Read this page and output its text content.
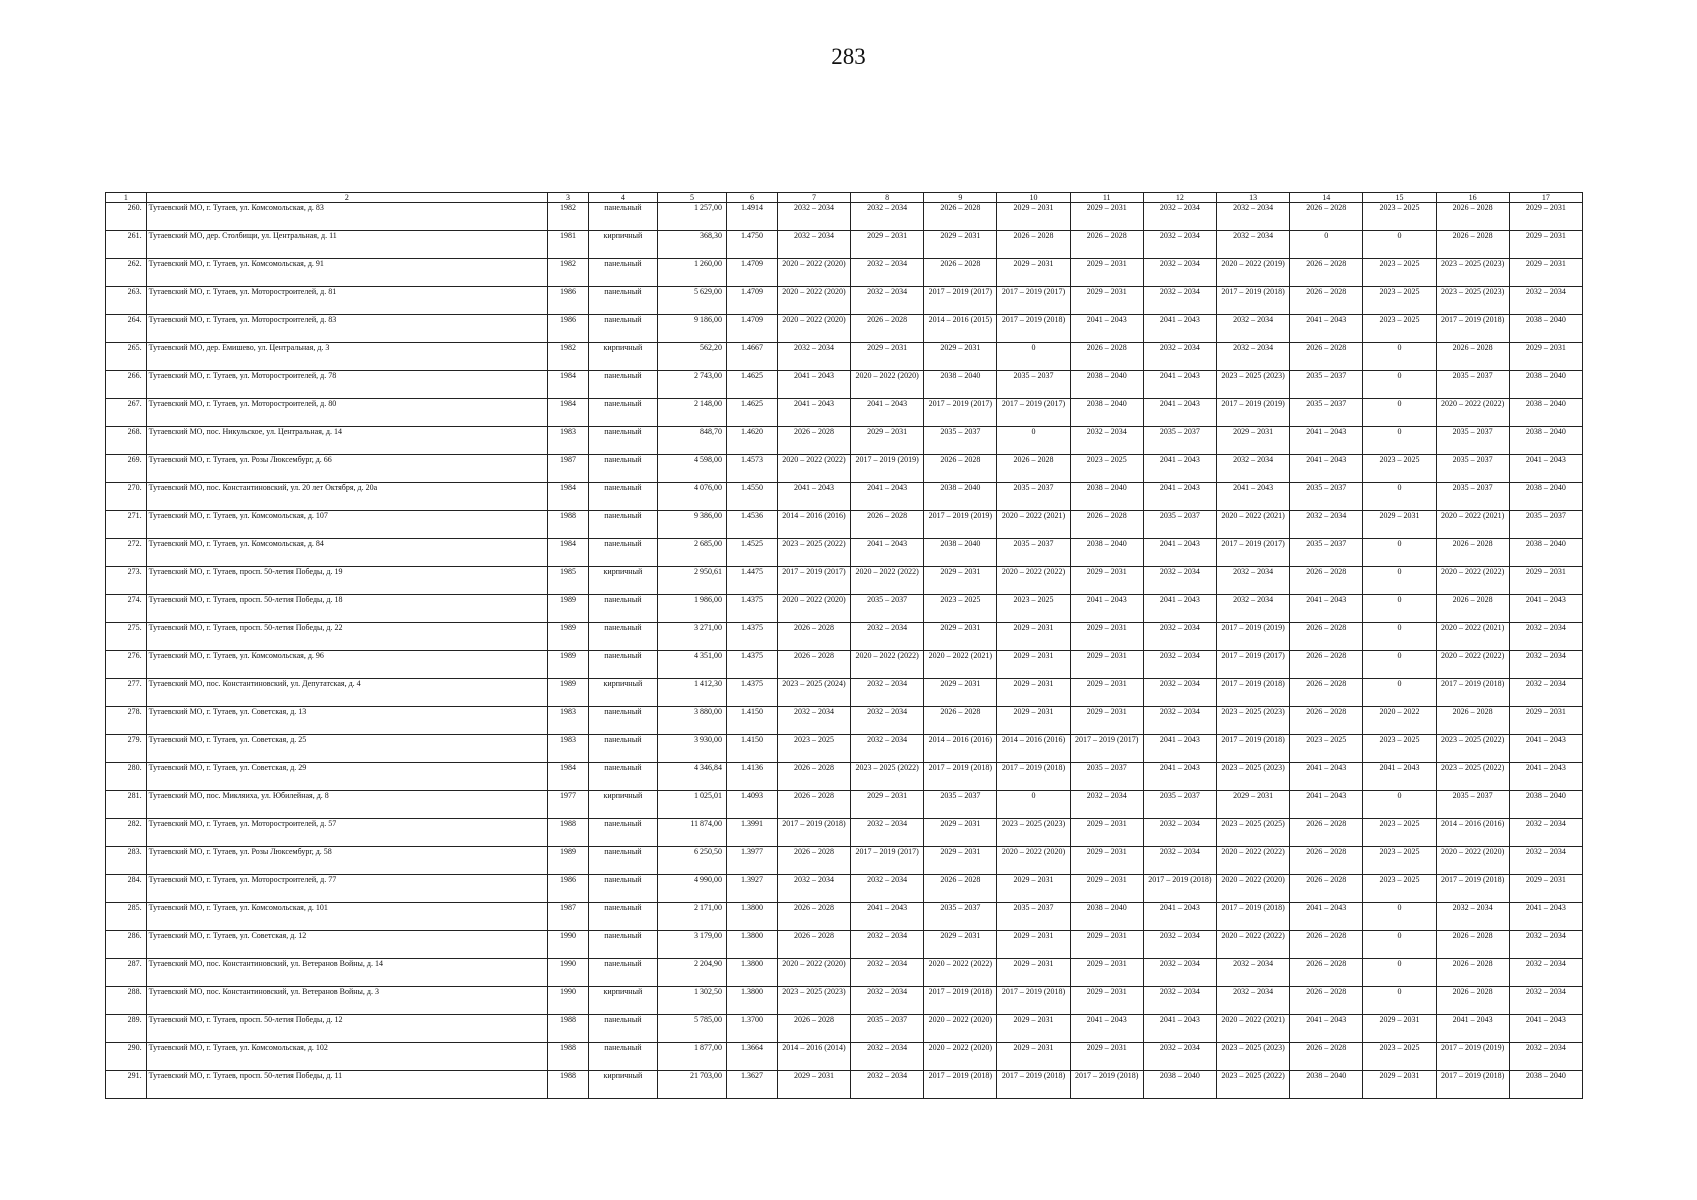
283
1	2	3	4	5	6	7	8	9	10	11	12	13	14	15	16	17
260.	Тутаевский МО, г. Тутаев, ул. Комсомольская, д. 83	1982	панельный	1 257,00	1.4914	2032 – 2034	2032 – 2034	2026 – 2028	2029 – 2031	2029 – 2031	2032 – 2034	2032 – 2034	2026 – 2028	2023 – 2025	2026 – 2028	2029 – 2031
261.	Тутаевский МО, дер. Столбищи, ул. Центральная, д. 11	1981	кирпичный	368,30	1.4750	2032 – 2034	2029 – 2031	2029 – 2031	2026 – 2028	2026 – 2028	2032 – 2034	2032 – 2034	0	0	2026 – 2028	2029 – 2031
262.	Тутаевский МО, г. Тутаев, ул. Комсомольская, д. 91	1982	панельный	1 260,00	1.4709	2020 – 2022 (2020)	2032 – 2034	2026 – 2028	2029 – 2031	2029 – 2031	2032 – 2034	2020 – 2022 (2019)	2026 – 2028	2023 – 2025	2023 – 2025 (2023)	2029 – 2031
263.	Тутаевский МО, г. Тутаев, ул. Моторостроителей, д. 81	1986	панельный	5 629,00	1.4709	2020 – 2022 (2020)	2032 – 2034	2017 – 2019 (2017)	2017 – 2019 (2017)	2029 – 2031	2032 – 2034	2017 – 2019 (2018)	2026 – 2028	2023 – 2025	2023 – 2025 (2023)	2032 – 2034
264.	Тутаевский МО, г. Тутаев, ул. Моторостроителей, д. 83	1986	панельный	9 186,00	1.4709	2020 – 2022 (2020)	2026 – 2028	2014 – 2016 (2015)	2017 – 2019 (2018)	2041 – 2043	2041 – 2043	2032 – 2034	2041 – 2043	2023 – 2025	2017 – 2019 (2018)	2038 – 2040
265.	Тутаевский МО, дер. Емишево, ул. Центральная, д. 3	1982	кирпичный	562,20	1.4667	2032 – 2034	2029 – 2031	2029 – 2031	0	2026 – 2028	2032 – 2034	2032 – 2034	2026 – 2028	0	2026 – 2028	2029 – 2031
266.	Тутаевский МО, г. Тутаев, ул. Моторостроителей, д. 78	1984	панельный	2 743,00	1.4625	2041 – 2043	2020 – 2022 (2020)	2038 – 2040	2035 – 2037	2038 – 2040	2041 – 2043	2023 – 2025 (2023)	2035 – 2037	0	2035 – 2037	2038 – 2040
267.	Тутаевский МО, г. Тутаев, ул. Моторостроителей, д. 80	1984	панельный	2 148,00	1.4625	2041 – 2043	2041 – 2043	2017 – 2019 (2017)	2017 – 2019 (2017)	2038 – 2040	2041 – 2043	2017 – 2019 (2019)	2035 – 2037	0	2020 – 2022 (2022)	2038 – 2040
268.	Тутаевский МО, пос. Никульское, ул. Центральная, д. 14	1983	панельный	848,70	1.4620	2026 – 2028	2029 – 2031	2035 – 2037	0	2032 – 2034	2035 – 2037	2029 – 2031	2041 – 2043	0	2035 – 2037	2038 – 2040
269.	Тутаевский МО, г. Тутаев, ул. Розы Люксембург, д. 66	1987	панельный	4 598,00	1.4573	2020 – 2022 (2022)	2017 – 2019 (2019)	2026 – 2028	2026 – 2028	2023 – 2025	2041 – 2043	2032 – 2034	2041 – 2043	2023 – 2025	2035 – 2037	2041 – 2043
270.	Тутаевский МО, пос. Константиновский, ул. 20 лет Октября, д. 20а	1984	панельный	4 076,00	1.4550	2041 – 2043	2041 – 2043	2038 – 2040	2035 – 2037	2038 – 2040	2041 – 2043	2041 – 2043	2035 – 2037	0	2035 – 2037	2038 – 2040
271.	Тутаевский МО, г. Тутаев, ул. Комсомольская, д. 107	1988	панельный	9 386,00	1.4536	2014 – 2016 (2016)	2026 – 2028	2017 – 2019 (2019)	2020 – 2022 (2021)	2026 – 2028	2035 – 2037	2020 – 2022 (2021)	2032 – 2034	2029 – 2031	2020 – 2022 (2021)	2035 – 2037
272.	Тутаевский МО, г. Тутаев, ул. Комсомольская, д. 84	1984	панельный	2 685,00	1.4525	2023 – 2025 (2022)	2041 – 2043	2038 – 2040	2035 – 2037	2038 – 2040	2041 – 2043	2017 – 2019 (2017)	2035 – 2037	0	2026 – 2028	2038 – 2040
273.	Тутаевский МО, г. Тутаев, просп. 50-летия Победы, д. 19	1985	кирпичный	2 950,61	1.4475	2017 – 2019 (2017)	2020 – 2022 (2022)	2029 – 2031	2020 – 2022 (2022)	2029 – 2031	2032 – 2034	2032 – 2034	2026 – 2028	0	2020 – 2022 (2022)	2029 – 2031
274.	Тутаевский МО, г. Тутаев, просп. 50-летия Победы, д. 18	1989	панельный	1 986,00	1.4375	2020 – 2022 (2020)	2035 – 2037	2023 – 2025	2023 – 2025	2041 – 2043	2041 – 2043	2032 – 2034	2041 – 2043	0	2026 – 2028	2041 – 2043
275.	Тутаевский МО, г. Тутаев, просп. 50-летия Победы, д. 22	1989	панельный	3 271,00	1.4375	2026 – 2028	2032 – 2034	2029 – 2031	2029 – 2031	2029 – 2031	2032 – 2034	2017 – 2019 (2019)	2026 – 2028	0	2020 – 2022 (2021)	2032 – 2034
276.	Тутаевский МО, г. Тутаев, ул. Комсомольская, д. 96	1989	панельный	4 351,00	1.4375	2026 – 2028	2020 – 2022 (2022)	2020 – 2022 (2021)	2029 – 2031	2029 – 2031	2032 – 2034	2017 – 2019 (2017)	2026 – 2028	0	2020 – 2022 (2022)	2032 – 2034
277.	Тутаевский МО, пос. Константиновский, ул. Депутатская, д. 4	1989	кирпичный	1 412,30	1.4375	2023 – 2025 (2024)	2032 – 2034	2029 – 2031	2029 – 2031	2029 – 2031	2032 – 2034	2017 – 2019 (2018)	2026 – 2028	0	2017 – 2019 (2018)	2032 – 2034
278.	Тутаевский МО, г. Тутаев, ул. Советская, д. 13	1983	панельный	3 880,00	1.4150	2032 – 2034	2032 – 2034	2026 – 2028	2029 – 2031	2029 – 2031	2032 – 2034	2023 – 2025 (2023)	2026 – 2028	2020 – 2022	2026 – 2028	2029 – 2031
279.	Тутаевский МО, г. Тутаев, ул. Советская, д. 25	1983	панельный	3 930,00	1.4150	2023 – 2025	2032 – 2034	2014 – 2016 (2016)	2014 – 2016 (2016)	2017 – 2019 (2017)	2041 – 2043	2017 – 2019 (2018)	2023 – 2025	2023 – 2025	2023 – 2025 (2022)	2041 – 2043
280.	Тутаевский МО, г. Тутаев, ул. Советская, д. 29	1984	панельный	4 346,84	1.4136	2026 – 2028	2023 – 2025 (2022)	2017 – 2019 (2018)	2017 – 2019 (2018)	2035 – 2037	2041 – 2043	2023 – 2025 (2023)	2041 – 2043	2041 – 2043	2023 – 2025 (2022)	2041 – 2043
281.	Тутаевский МО, пос. Микляиха, ул. Юбилейная, д. 8	1977	кирпичный	1 025,01	1.4093	2026 – 2028	2029 – 2031	2035 – 2037	0	2032 – 2034	2035 – 2037	2029 – 2031	2041 – 2043	0	2035 – 2037	2038 – 2040
282.	Тутаевский МО, г. Тутаев, ул. Моторостроителей, д. 57	1988	панельный	11 874,00	1.3991	2017 – 2019 (2018)	2032 – 2034	2029 – 2031	2023 – 2025 (2023)	2029 – 2031	2032 – 2034	2023 – 2025 (2025)	2026 – 2028	2023 – 2025	2014 – 2016 (2016)	2032 – 2034
283.	Тутаевский МО, г. Тутаев, ул. Розы Люксембург, д. 58	1989	панельный	6 250,50	1.3977	2026 – 2028	2017 – 2019 (2017)	2029 – 2031	2020 – 2022 (2020)	2029 – 2031	2032 – 2034	2020 – 2022 (2022)	2026 – 2028	2023 – 2025	2020 – 2022 (2020)	2032 – 2034
284.	Тутаевский МО, г. Тутаев, ул. Моторостроителей, д. 77	1986	панельный	4 990,00	1.3927	2032 – 2034	2032 – 2034	2026 – 2028	2029 – 2031	2029 – 2031	2017 – 2019 (2018)	2020 – 2022 (2020)	2026 – 2028	2023 – 2025	2017 – 2019 (2018)	2029 – 2031
285.	Тутаевский МО, г. Тутаев, ул. Комсомольская, д. 101	1987	панельный	2 171,00	1.3800	2026 – 2028	2041 – 2043	2035 – 2037	2035 – 2037	2038 – 2040	2041 – 2043	2017 – 2019 (2018)	2041 – 2043	0	2032 – 2034	2041 – 2043
286.	Тутаевский МО, г. Тутаев, ул. Советская, д. 12	1990	панельный	3 179,00	1.3800	2026 – 2028	2032 – 2034	2029 – 2031	2029 – 2031	2029 – 2031	2032 – 2034	2020 – 2022 (2022)	2026 – 2028	0	2026 – 2028	2032 – 2034
287.	Тутаевский МО, пос. Константиновский, ул. Ветеранов Войны, д. 14	1990	панельный	2 204,90	1.3800	2020 – 2022 (2020)	2032 – 2034	2020 – 2022 (2022)	2029 – 2031	2029 – 2031	2032 – 2034	2032 – 2034	2026 – 2028	0	2026 – 2028	2032 – 2034
288.	Тутаевский МО, пос. Константиновский, ул. Ветеранов Войны, д. 3	1990	кирпичный	1 302,50	1.3800	2023 – 2025 (2023)	2032 – 2034	2017 – 2019 (2018)	2017 – 2019 (2018)	2029 – 2031	2032 – 2034	2032 – 2034	2026 – 2028	0	2026 – 2028	2032 – 2034
289.	Тутаевский МО, г. Тутаев, просп. 50-летия Победы, д. 12	1988	панельный	5 785,00	1.3700	2026 – 2028	2035 – 2037	2020 – 2022 (2020)	2029 – 2031	2041 – 2043	2041 – 2043	2020 – 2022 (2021)	2041 – 2043	2029 – 2031	2041 – 2043	2041 – 2043
290.	Тутаевский МО, г. Тутаев, ул. Комсомольская, д. 102	1988	панельный	1 877,00	1.3664	2014 – 2016 (2014)	2032 – 2034	2020 – 2022 (2020)	2029 – 2031	2029 – 2031	2032 – 2034	2023 – 2025 (2023)	2026 – 2028	2023 – 2025	2017 – 2019 (2019)	2032 – 2034
291.	Тутаевский МО, г. Тутаев, просп. 50-летия Победы, д. 11	1988	кирпичный	21 703,00	1.3627	2029 – 2031	2032 – 2034	2017 – 2019 (2018)	2017 – 2019 (2018)	2017 – 2019 (2018)	2038 – 2040	2023 – 2025 (2022)	2038 – 2040	2029 – 2031	2017 – 2019 (2018)	2038 – 2040
